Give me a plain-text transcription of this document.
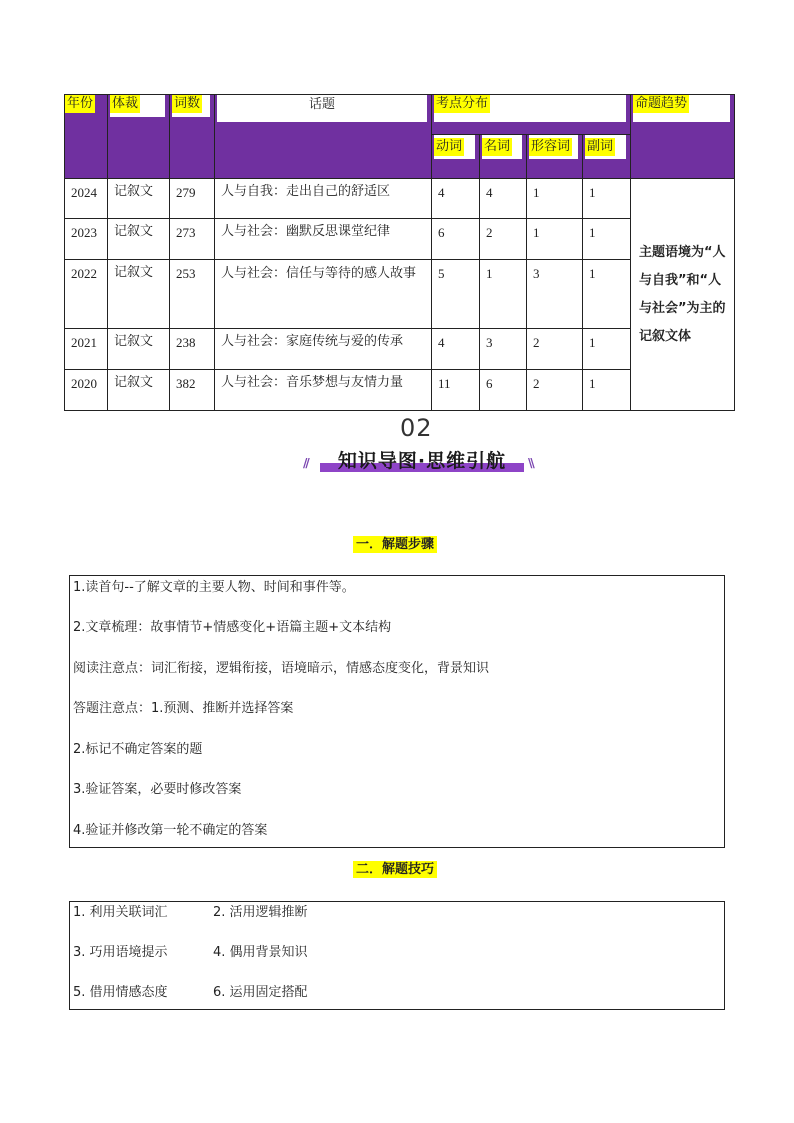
年份	体裁	词数	话题	考点分布				命题趋势

				动词	名词	形容词	副词	

2024	记叙文	279	人与自我：走出自己的舒适区	4	4	1	1	主题语境为“人与自我”和“人与社会”为主的记叙文体
2023	记叙文	273	人与社会：幽默反思课堂纪律	6	2	1	1	
2022	记叙文	253	人与社会：信任与等待的感人故事	5	1	3	1	
2021	记叙文	238	人与社会：家庭传统与爱的传承	4	3	2	1	
2020	记叙文	382	人与社会：音乐梦想与友情力量	11	6	2	1	
02
//	知识导图·思维引航	\\
一．解题步骤

1.读首句--了解文章的主要人物、时间和事件等。

2.文章梳理：故事情节+情感变化+语篇主题+文本结构

阅读注意点：词汇衔接，逻辑衔接，语境暗示，情感态度变化，背景知识

答题注意点：1.预测、推断并选择答案

2.标记不确定答案的题

3.验证答案，必要时修改答案

4.验证并修改第一轮不确定的答案

二．解题技巧

1. 利用关联词汇	2. 活用逻辑推断

3. 巧用语境提示	4. 偶用背景知识

5. 借用情感态度	6. 运用固定搭配
